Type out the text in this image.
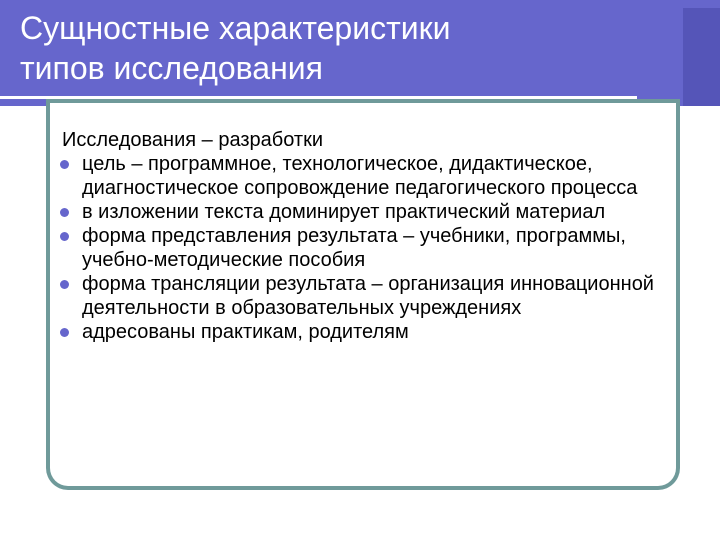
Сущностные характеристики
типов исследования

Исследования – разработки

цель – программное, технологическое, дидактическое, диагностическое сопровождение педагогического процесса
в изложении текста доминирует практический материал
форма представления результата – учебники, программы, учебно-методические пособия
форма трансляции результата – организация инновационной деятельности в образовательных учреждениях
адресованы практикам, родителям
